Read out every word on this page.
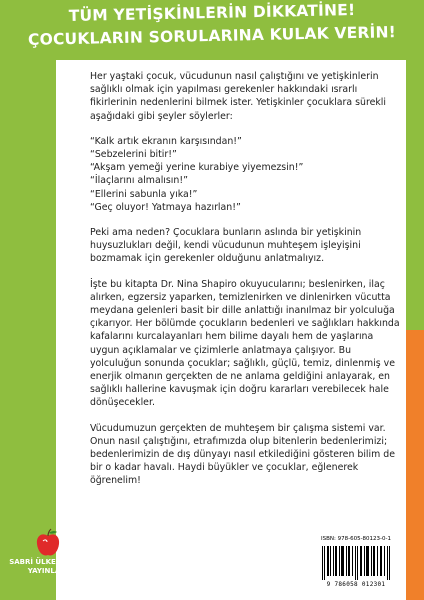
TÜM YETİŞKİNLERİN DİKKATİNE!
ÇOCUKLARIN SORULARINA KULAK VERİN!

Her yaştaki çocuk, vücudunun nasıl çalıştığını ve yetişkinlerin sağlıklı olmak için yapılması gerekenler hakkındaki ısrarlı fikirlerinin nedenlerini bilmek ister. Yetişkinler çocuklara sürekli aşağıdaki gibi şeyler söylerler:

“Kalk artık ekranın karşısından!”
“Sebzelerini bitir!”
“Akşam yemeği yerine kurabiye yiyemezsin!”
“İlaçlarını almalısın!”
“Ellerini sabunla yıka!”
“Geç oluyor! Yatmaya hazırlan!”

Peki ama neden? Çocuklara bunların aslında bir yetişkinin huysuzlukları değil, kendi vücudunun muhteşem işleyişini bozmamak için gerekenler olduğunu anlatmalıyız.

İşte bu kitapta Dr. Nina Shapiro okuyucularını; beslenirken, ilaç alırken, egzersiz yaparken, temizlenirken ve dinlenirken vücutta meydana gelenleri basit bir dille anlattığı inanılmaz bir yolculuğa çıkarıyor. Her bölümde çocukların bedenleri ve sağlıkları hakkında kafalarını kurcalayanları hem bilime dayalı hem de yaşlarına uygun açıklamalar ve çizimlerle anlatmaya çalışıyor. Bu yolculuğun sonunda çocuklar; sağlıklı, güçlü, temiz, dinlenmiş ve enerjik olmanın gerçekten de ne anlama geldiğini anlayarak, en sağlıklı hallerine kavuşmak için doğru kararları verebilecek hale dönüşecekler.

Vücudumuzun gerçekten de muhteşem bir çalışma sistemi var. Onun nasıl çalıştığını, etrafımızda olup bitenlerin bedenlerimizi; bedenlerimizin de dış dünyayı nasıl etkilediğini gösteren bilim de bir o kadar havalı. Haydi büyükler ve çocuklar, eğlenerek öğrenelim!

SABRİ ÜLKER VAKFI
YAYINLARI
ISBN: 978-605-80123-0-1
9 786058 012301
